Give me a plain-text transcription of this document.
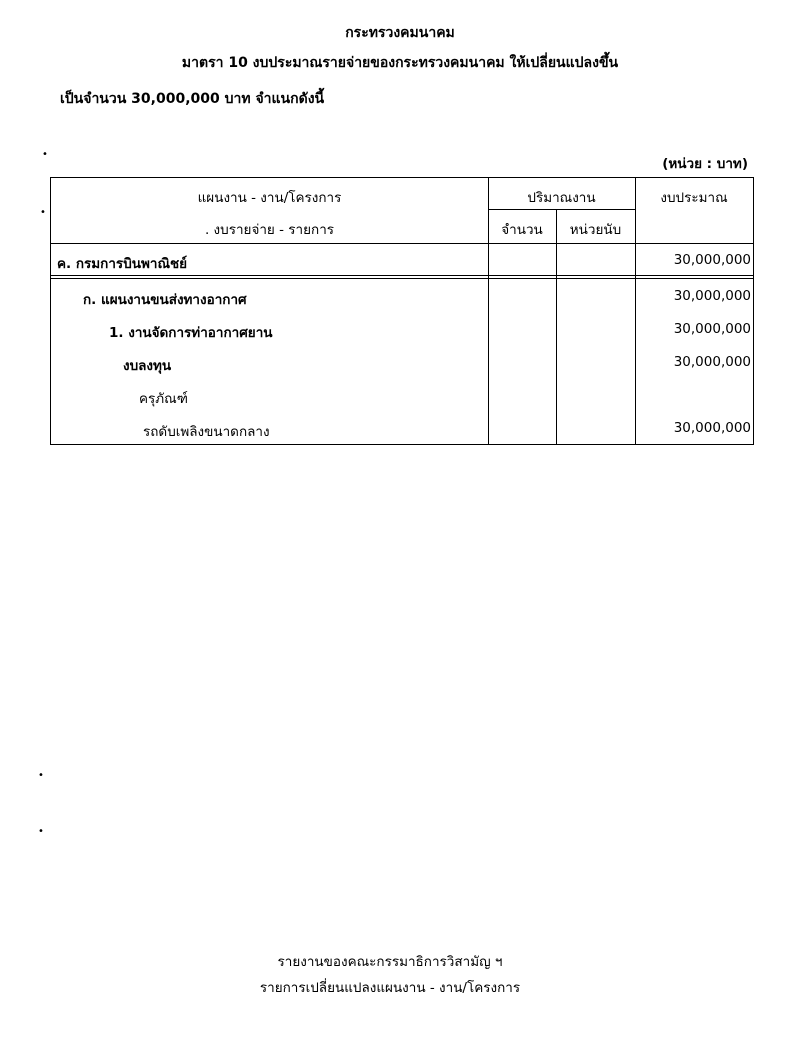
กระทรวงคมนาคม
มาตรา 10 งบประมาณรายจ่ายของกระทรวงคมนาคม ให้เปลี่ยนแปลงขึ้น
เป็นจำนวน 30,000,000 บาท จำแนกดังนี้
(หน่วย : บาท)
•
•
•
•
แผนงาน - งาน/โครงการ
. งบรายจ่าย - รายการ
ปริมาณงาน
จำนวน	หน่วยนับ
งบประมาณ
ค. กรมการบินพาณิชย์	30,000,000
ก. แผนงานขนส่งทางอากาศ	30,000,000
1. งานจัดการท่าอากาศยาน	30,000,000
งบลงทุน	30,000,000
ครุภัณฑ์
รถดับเพลิงขนาดกลาง	30,000,000
รายงานของคณะกรรมาธิการวิสามัญ ฯ
รายการเปลี่ยนแปลงแผนงาน - งาน/โครงการ
